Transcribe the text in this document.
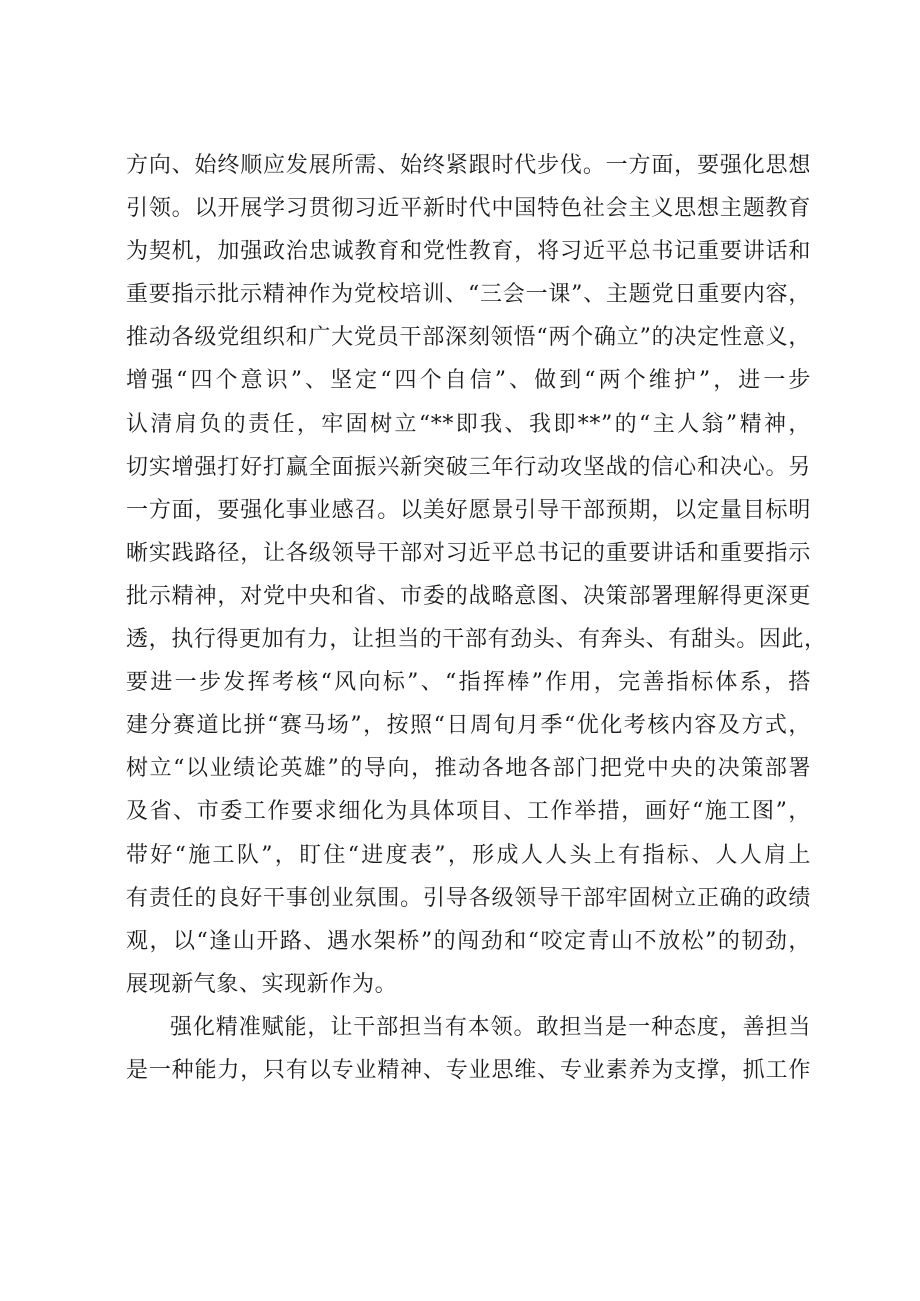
方向、始终顺应发展所需、始终紧跟时代步伐。一方面，要强化思想
引领。以开展学习贯彻习近平新时代中国特色社会主义思想主题教育
为契机，加强政治忠诚教育和党性教育，将习近平总书记重要讲话和
重要指示批示精神作为党校培训、“三会一课”、主题党日重要内容，
推动各级党组织和广大党员干部深刻领悟“两个确立”的决定性意义，
增强“四个意识”、坚定“四个自信”、做到“两个维护”，进一步
认清肩负的责任，牢固树立“**即我、我即**”的“主人翁”精神，
切实增强打好打赢全面振兴新突破三年行动攻坚战的信心和决心。另
一方面，要强化事业感召。以美好愿景引导干部预期，以定量目标明
晰实践路径，让各级领导干部对习近平总书记的重要讲话和重要指示
批示精神，对党中央和省、市委的战略意图、决策部署理解得更深更
透，执行得更加有力，让担当的干部有劲头、有奔头、有甜头。因此，
要进一步发挥考核“风向标”、“指挥棒”作用，完善指标体系，搭
建分赛道比拼“赛马场”，按照“日周旬月季“优化考核内容及方式，
树立“以业绩论英雄”的导向，推动各地各部门把党中央的决策部署
及省、市委工作要求细化为具体项目、工作举措，画好“施工图”，
带好“施工队”，盯住“进度表”，形成人人头上有指标、人人肩上
有责任的良好干事创业氛围。引导各级领导干部牢固树立正确的政绩
观，以“逢山开路、遇水架桥”的闯劲和“咬定青山不放松”的韧劲，
展现新气象、实现新作为。
强化精准赋能，让干部担当有本领。敢担当是一种态度，善担当
是一种能力，只有以专业精神、专业思维、专业素养为支撑，抓工作
